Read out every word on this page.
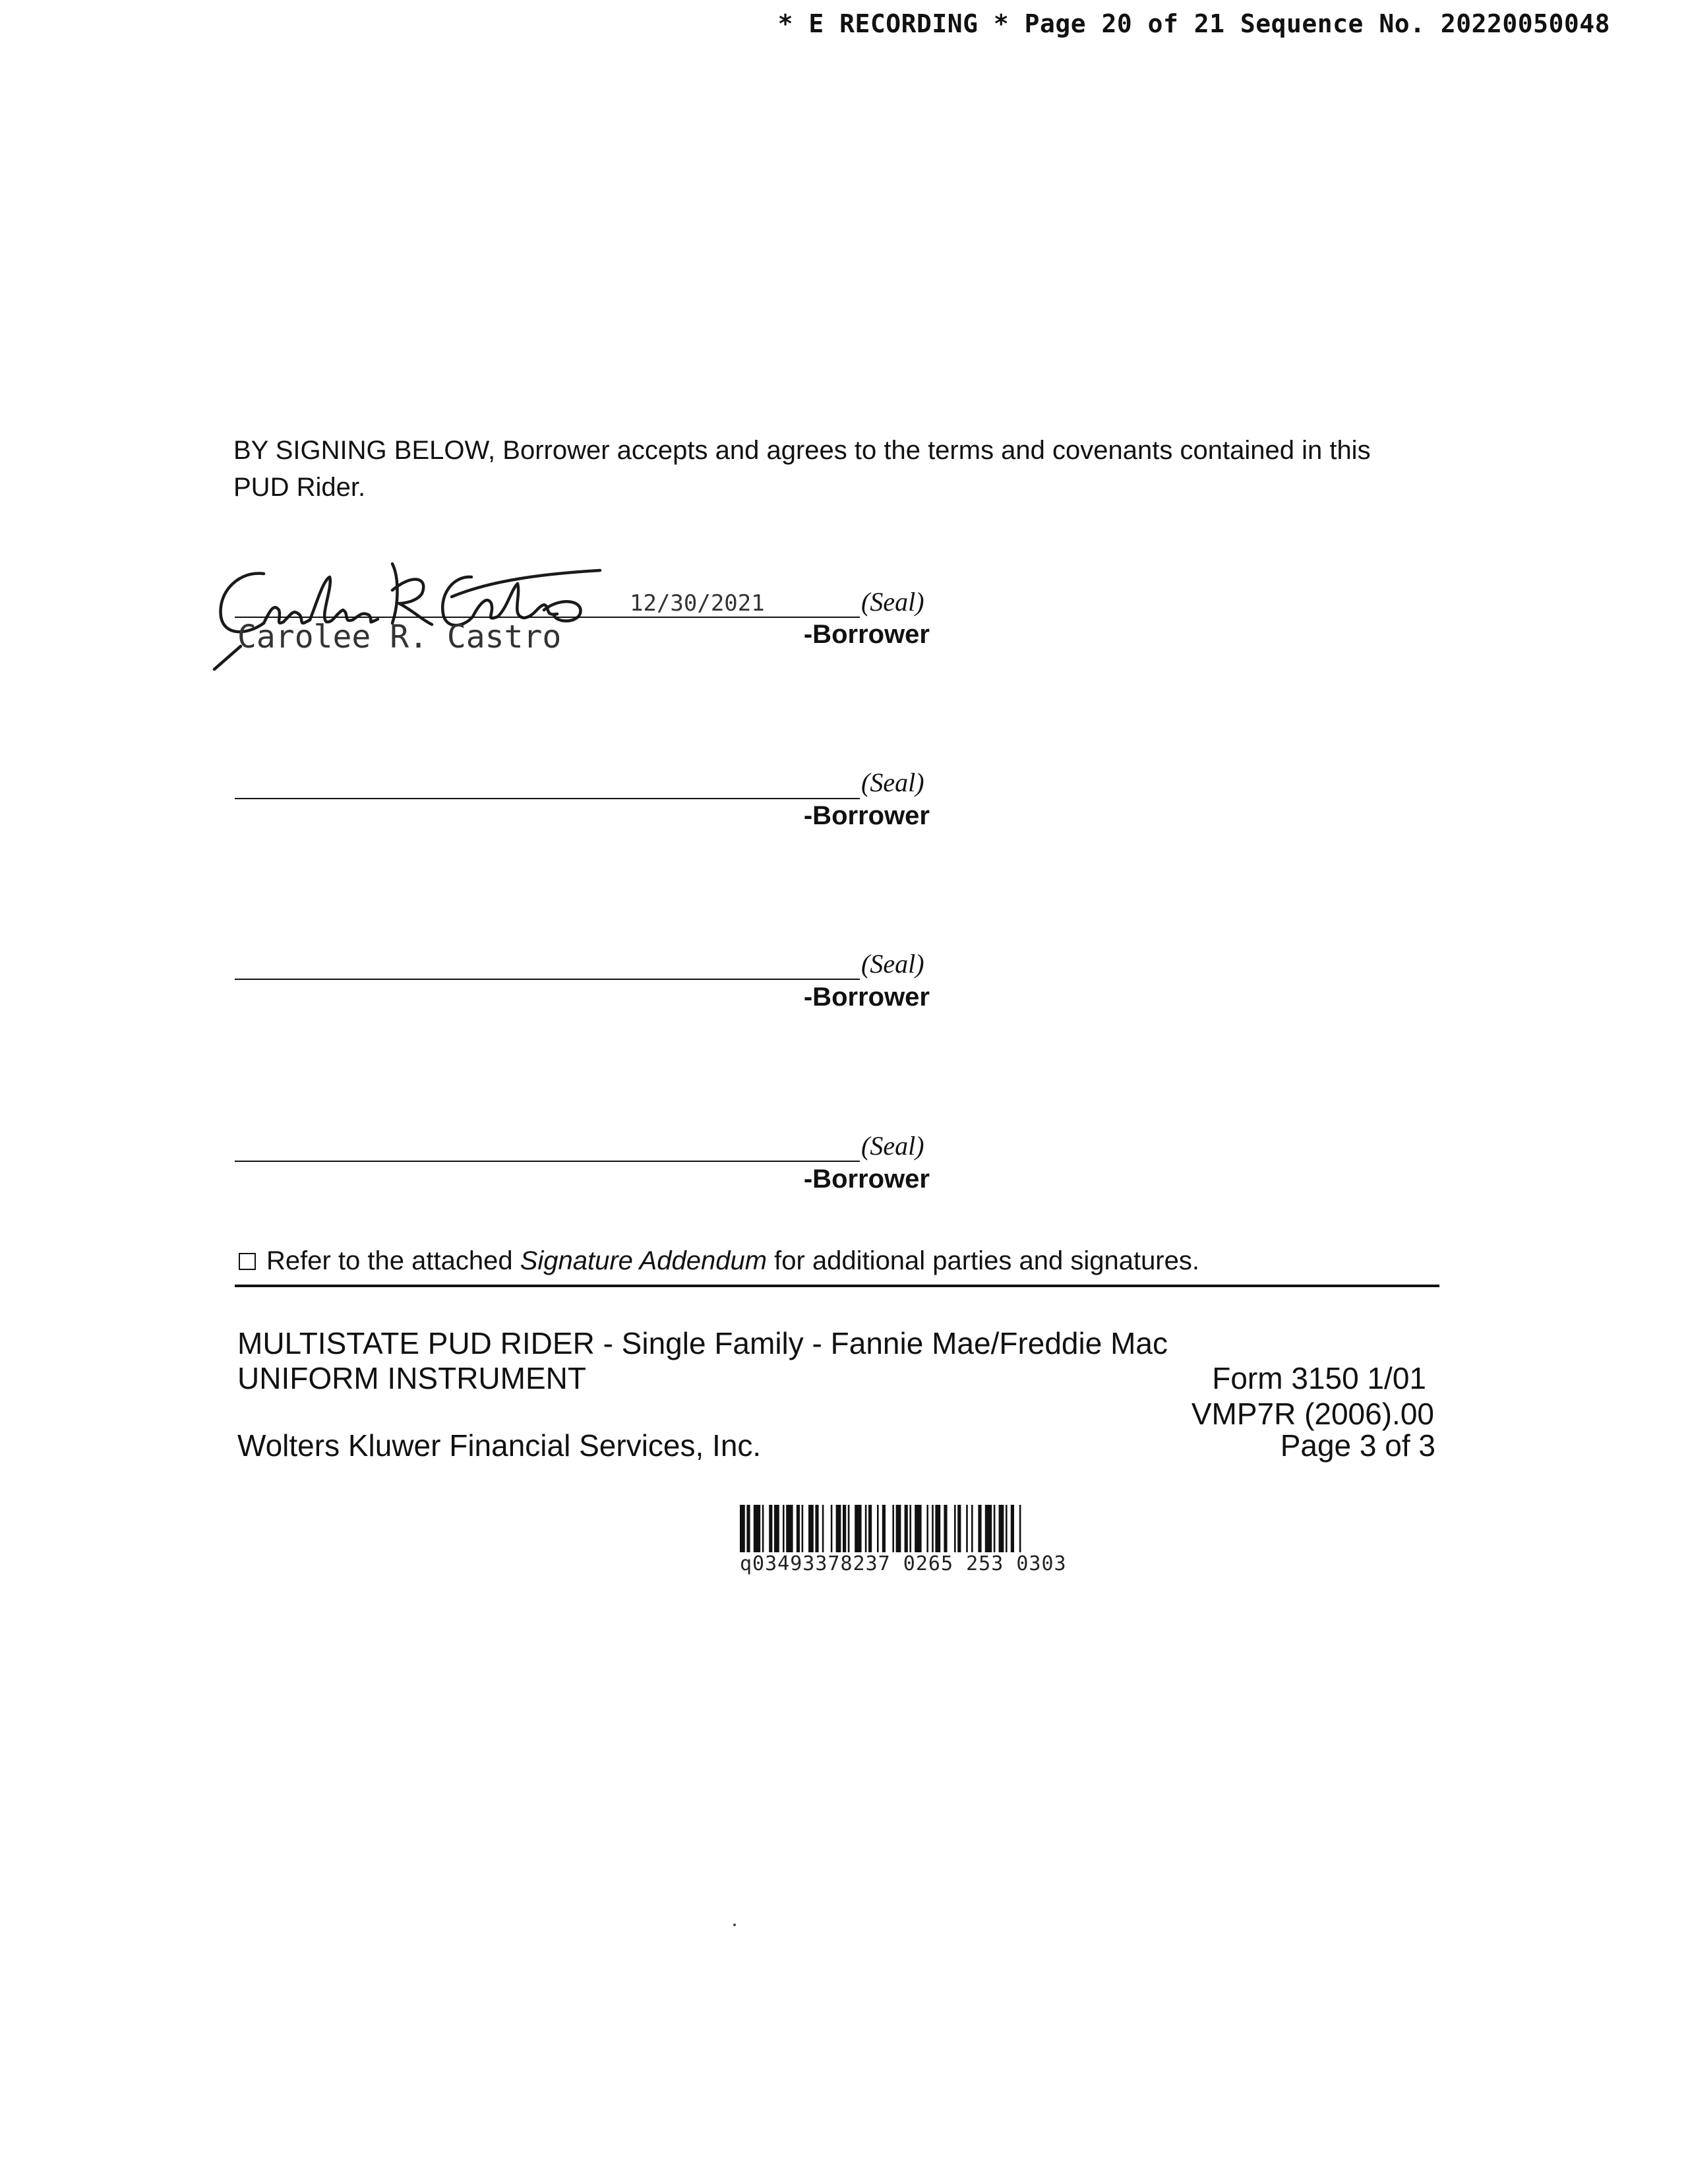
* E RECORDING * Page 20 of 21 Sequence No. 20220050048
BY SIGNING BELOW, Borrower accepts and agrees to the terms and covenants contained in this PUD Rider.
12/30/2021	(Seal)
Carolee R. Castro	-Borrower
(Seal)
-Borrower
(Seal)
-Borrower
(Seal)
-Borrower
Refer to the attached Signature Addendum for additional parties and signatures.
MULTISTATE PUD RIDER - Single Family - Fannie Mae/Freddie Mac
UNIFORM INSTRUMENT	Form 3150 1/01
VMP7R (2006).00
Wolters Kluwer Financial Services, Inc.	Page 3 of 3
q03493378237 0265 253 0303
